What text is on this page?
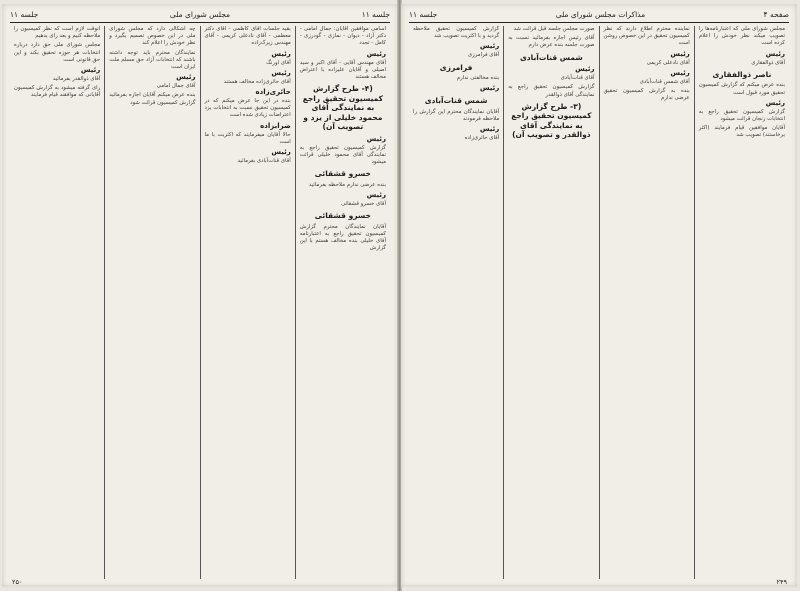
جلسه ۱۱
مجلس شورای ملی
جلسه ۱۱

اسامی موافقین آقایان: جمال امامی - دکتر آزاد - دیوان - نمازی - گودرزی - کامل - تجدد

رئیس

آقای مهندس آقایی - آقای اکبر و سید اصیلی و آقایان علیزاده با اعتراض مخالف هستند

(۴- طرح گزارش کمیسیون تحقیق راجع به نمایندگی آقای محمود خلیلی از یزد و تصویب آن)
رئیس

گزارش کمیسیون تحقیق راجع به نمایندگی آقای محمود خلیلی قرائت میشود

خسرو قشقائی

بنده عرضی ندارم ملاحظه بفرمائید

رئیس

آقای خسرو قشقائی

خسرو قشقائی

آقایان نمایندگان محترم گزارش کمیسیون تحقیق راجع به اعتبارنامه آقای خلیلی بنده مخالف هستم با این گزارش

بقیه جلسات آقای کاظمی - آقای دکتر معظمی - آقای نادعلی کریمی - آقای مهندس زیرک‌زاده

رئیس

آقای اورنگ

رئیس

آقای حائری‌زاده مخالف هستند

حائری‌زاده

بنده در این جا عرض میکنم که در کمیسیون تحقیق نسبت به انتخابات یزد اعتراضات زیادی شده است

ضرابزاده

حالا آقایان میفرمایند که اکثریت با ما است

رئیس

آقای قنات‌آبادی بفرمائید

چه اشکالی دارد که مجلس شورای ملی در این خصوص تصمیم بگیرد و نظر خودش را اعلام کند

نمایندگان محترم باید توجه داشته باشند که انتخابات آزاد حق مسلم ملت ایران است

رئیس

آقای جمال امامی

بنده عرض میکنم آقایان اجازه بفرمائید گزارش کمیسیون قرائت شود

آنوقت لازم است که نظر کمیسیون را ملاحظه کنیم و بعد رای بدهیم

مجلس شورای ملی حق دارد درباره انتخابات هر حوزه تحقیق بکند و این حق قانونی است

رئیس

آقای ذوالقدر بفرمائید

رای گرفته میشود به گزارش کمیسیون آقایانی که موافقند قیام فرمایند

۲۵۰
صفحه ۴
مذاکرات مجلس شورای ملی
جلسه ۱۱

مجلس شورای ملی که اعتبارنامه‌ها را تصویب میکند نظر خودش را اعلام کرده است

رئیس

آقای ذوالفقاری

ناصر ذوالفقاری

بنده عرض میکنم که گزارش کمیسیون تحقیق مورد قبول است

رئیس

گزارش کمیسیون تحقیق راجع به انتخابات زنجان قرائت میشود

آقایان موافقین قیام فرمایند (اکثر برخاستند) تصویب شد

نماینده محترم اطلاع دارند که نظر کمیسیون تحقیق در این خصوص روشن است

رئیس

آقای نادعلی کریمی

رئیس

آقای شمس قنات‌آبادی

بنده به گزارش کمیسیون تحقیق عرضی ندارم

صورت مجلس جلسه قبل قرائت شد

آقای رئیس اجازه بفرمائید نسبت به صورت جلسه بنده عرض دارم

شمس قنات‌آبادی
رئیس

آقای قنات‌آبادی

گزارش کمیسیون تحقیق راجع به نمایندگی آقای ذوالقدر

(۳- طرح گزارش کمیسیون تحقیق راجع به نمایندگی آقای ذوالقدر و تصویب آن)

گزارش کمیسیون تحقیق ملاحظه گردید و با اکثریت تصویب شد

رئیس

آقای فرامرزی

فرامرزی

بنده مخالفتی ندارم

رئیس
شمس قنات‌آبادی

آقایان نمایندگان محترم این گزارش را ملاحظه فرمودند

رئیس

آقای حائری‌زاده

۲۴۹
